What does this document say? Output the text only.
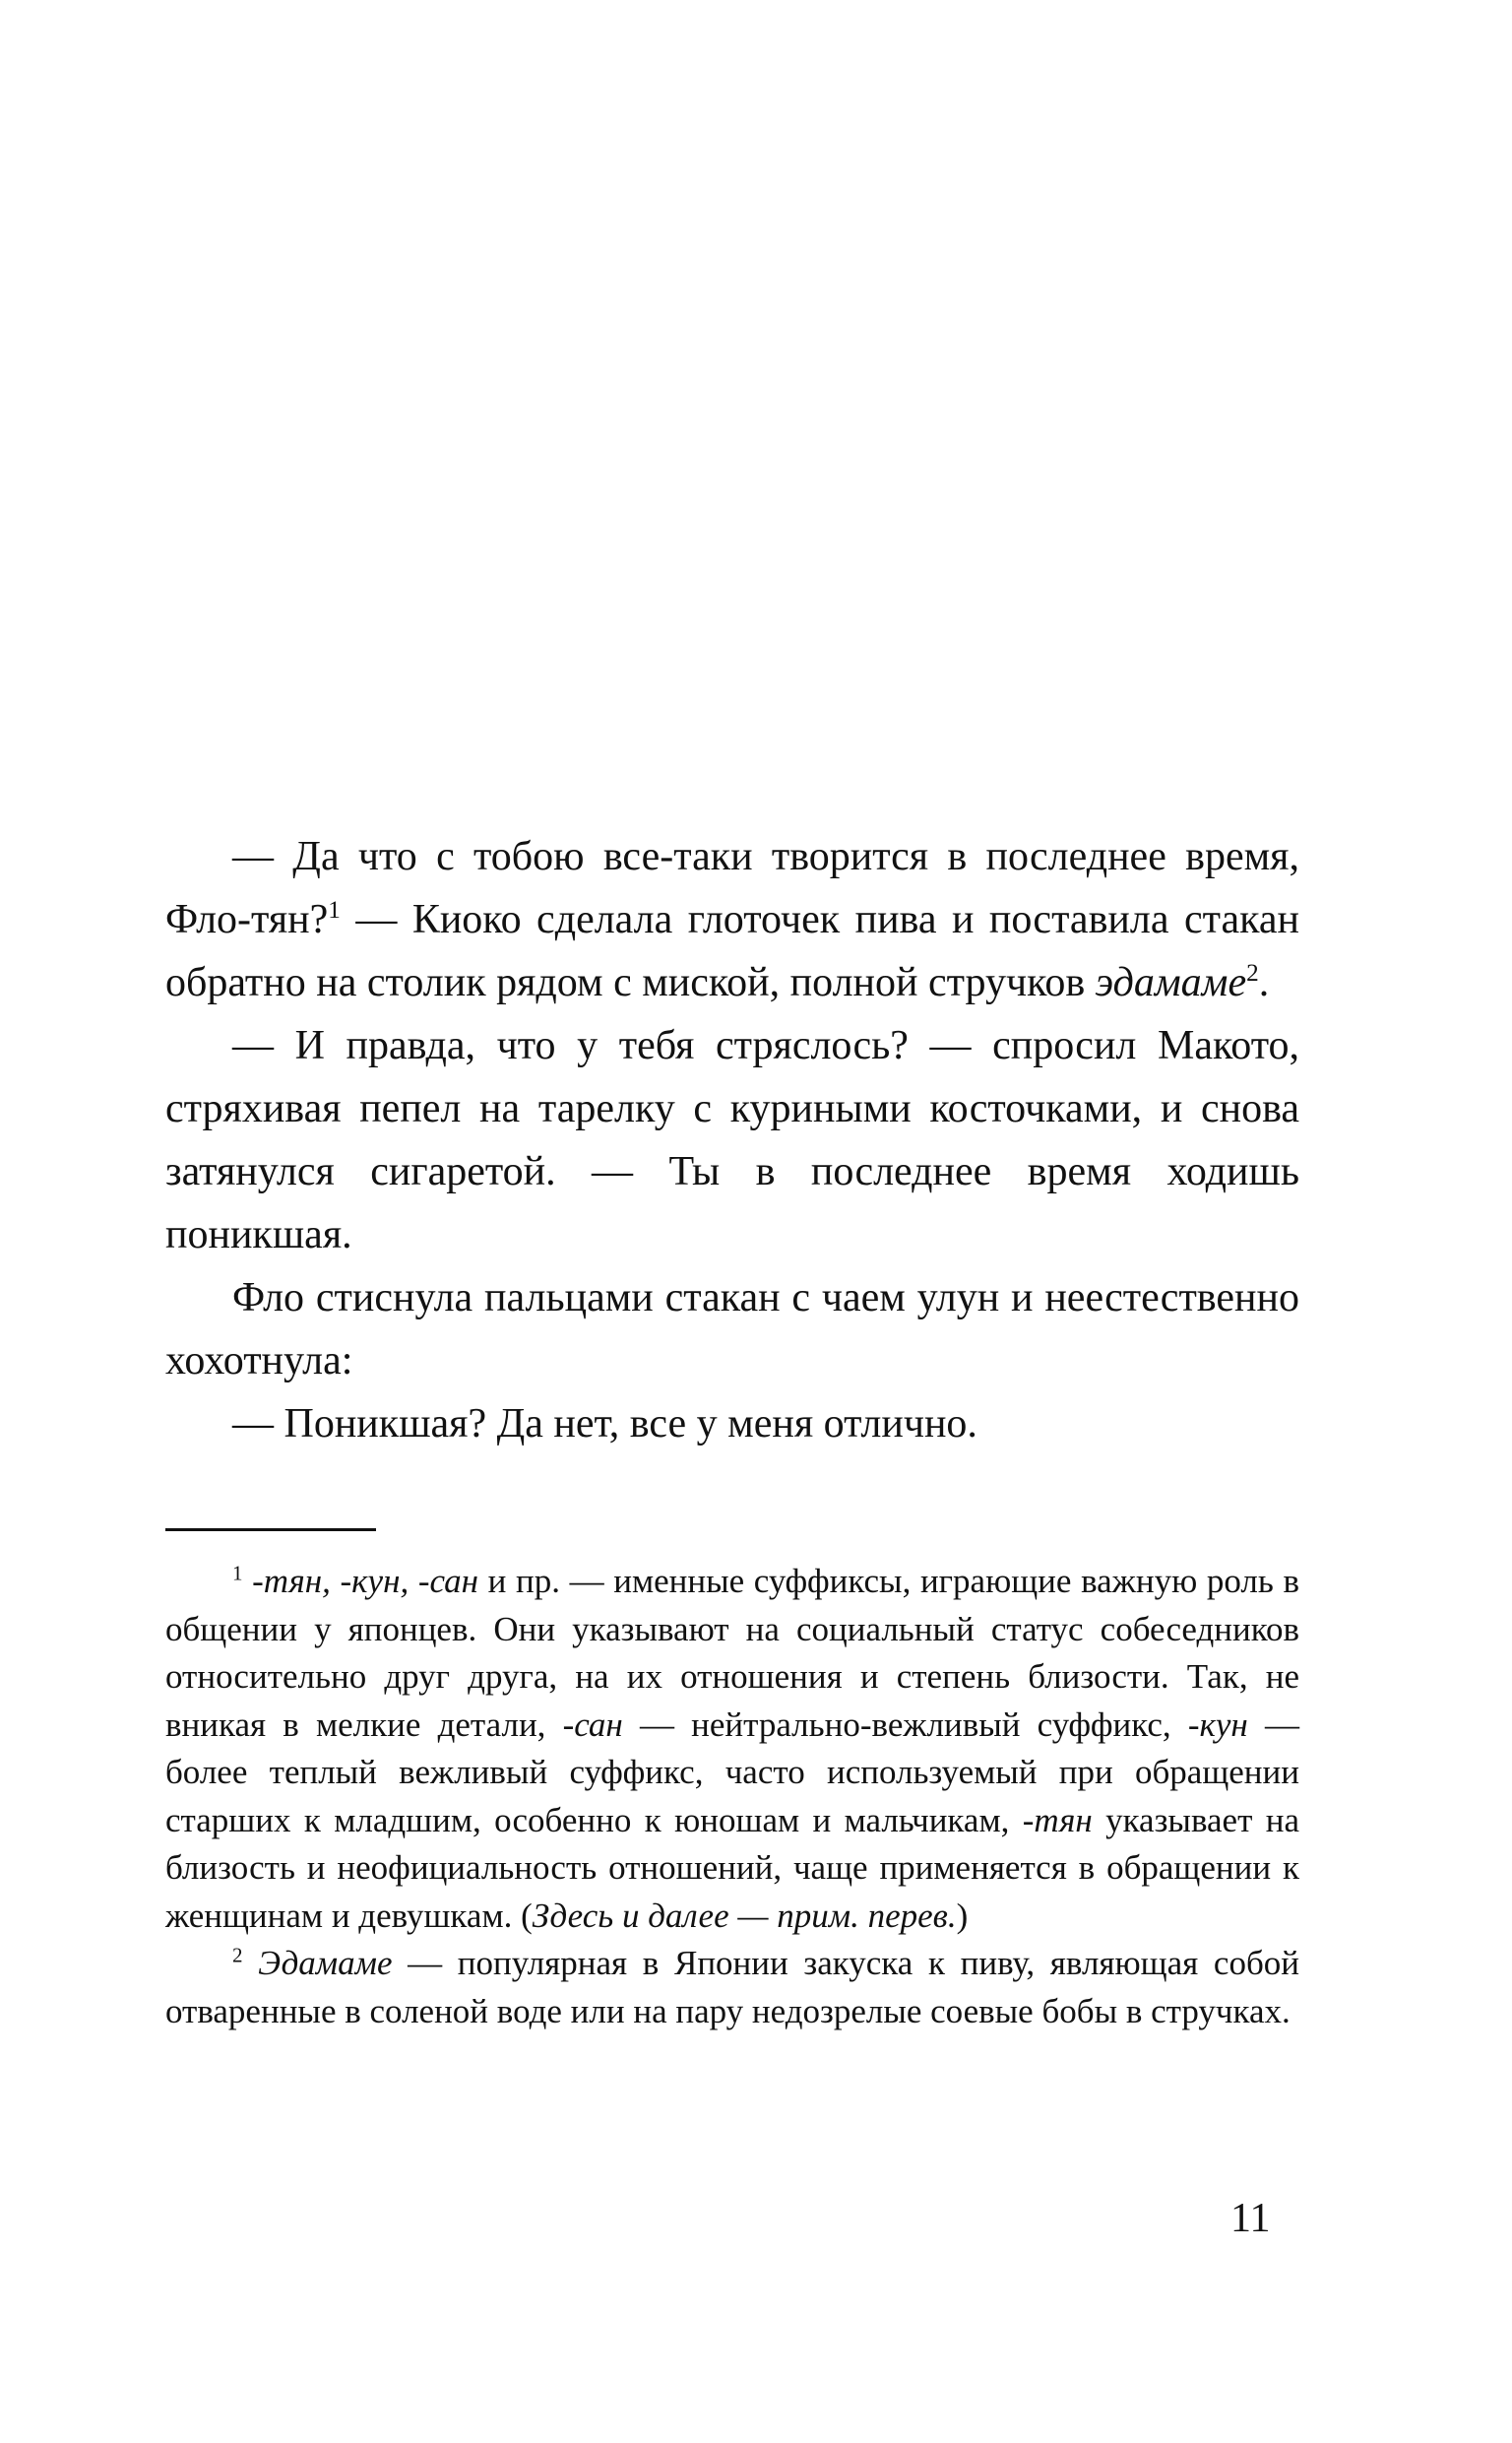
— Да что с тобою все-таки творится в последнее время, Фло-тян?$^1$ — Киоко сделала глоточек пива и поставила стакан обратно на столик рядом с миской, полной стручков эдамаме$^2$.

— И правда, что у тебя стряслось? — спросил Макото, стряхивая пепел на тарелку с куриными косточками, и снова затянулся сигаретой. — Ты в последнее время ходишь поникшая.

Фло стиснула пальцами стакан с чаем улун и неестественно хохотнула:

— Поникшая? Да нет, все у меня отлично.

$^1$ -тян, -кун, -сан и пр. — именные суффиксы, играющие важную роль в общении у японцев. Они указывают на социальный статус собеседников относительно друг друга, на их отношения и степень близости. Так, не вникая в мелкие детали, -сан — нейтрально-вежливый суффикс, -кун — более теплый вежливый суффикс, часто используемый при обращении старших к младшим, особенно к юношам и мальчикам, -тян указывает на близость и неофициальность отношений, чаще применяется в обращении к женщинам и девушкам. (Здесь и далее — прим. перев.)

$^2$ Эдамаме — популярная в Японии закуска к пиву, являющая собой отваренные в соленой воде или на пару недозрелые соевые бобы в стручках.

11
